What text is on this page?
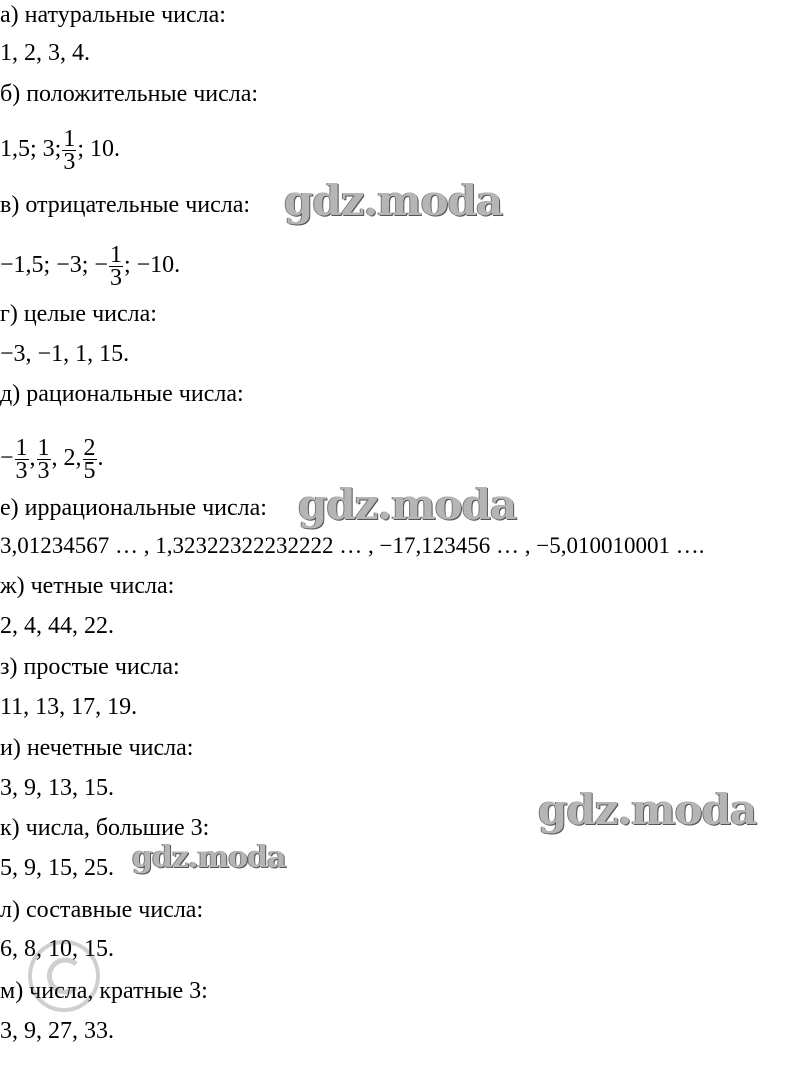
а) натуральные числа:
1, 2, 3, 4.
б) положительные числа:
1,5; 3; $\frac{1}{3}$ ; 10.
в) отрицательные числа:
−1,5; −3; − $\frac{1}{3}$ ; −10.
г) целые числа:
−3, −1, 1, 15.
д) рациональные числа:
− $\frac{1}{3}$ , $\frac{1}{3}$ , 2, $\frac{2}{5}$ .
е) иррациональные числа:
3,01234567 … , 1,32322322232222 … , −17,123456 … , −5,010010001 ….
ж) четные числа:
2, 4, 44, 22.
з) простые числа:
11, 13, 17, 19.
и) нечетные числа:
3, 9, 13, 15.
к) числа, большие 3:
5, 9, 15, 25.
л) составные числа:
6, 8, 10, 15.
м) числа, кратные 3:
3, 9, 27, 33.
gdz.moda
gdz.moda
gdz.moda
gdz.moda
